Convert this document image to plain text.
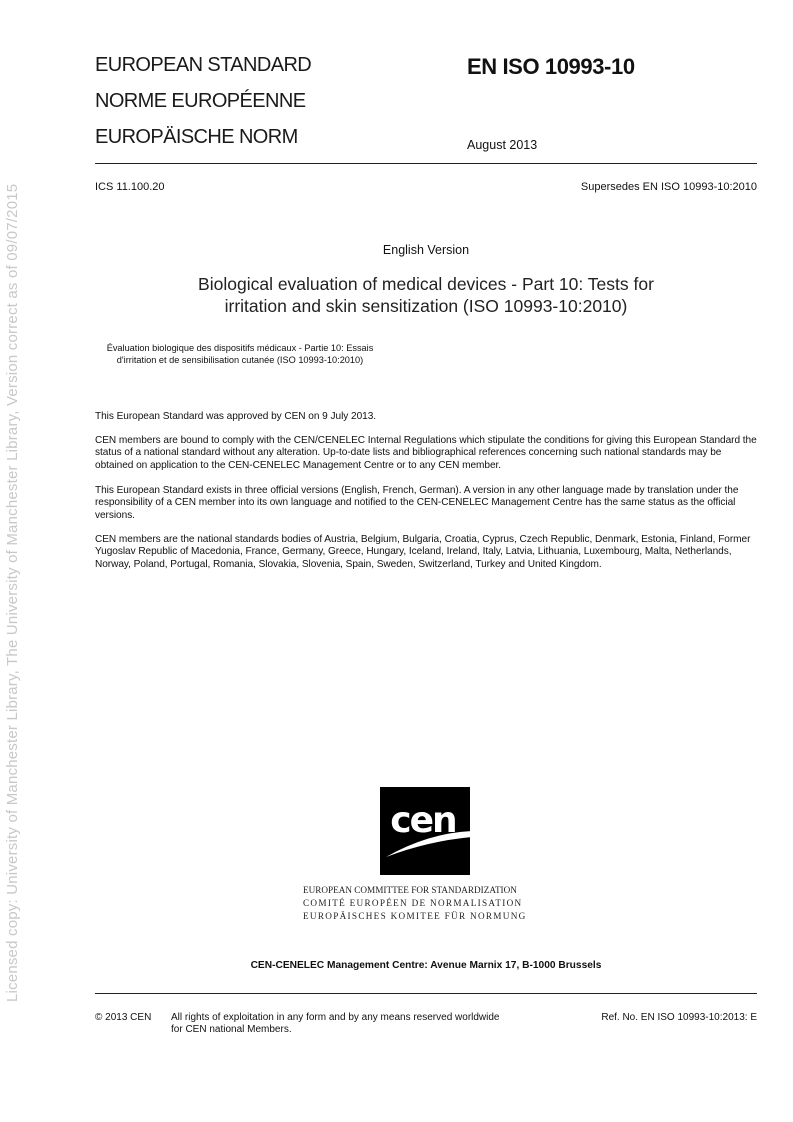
Licensed copy: University of Manchester Library, The University of Manchester Library, Version correct as of 09/07/2015
EUROPEAN STANDARD
NORME EUROPÉENNE
EUROPÄISCHE NORM
EN ISO 10993-10
August 2013
ICS 11.100.20	Supersedes EN ISO 10993-10:2010
English Version
Biological evaluation of medical devices - Part 10: Tests for
irritation and skin sensitization (ISO 10993-10:2010)
Évaluation biologique des dispositifs médicaux - Partie 10: Essais d'irritation et de sensibilisation cutanée (ISO 10993-10:2010)
This European Standard was approved by CEN on 9 July 2013.
CEN members are bound to comply with the CEN/CENELEC Internal Regulations which stipulate the conditions for giving this European Standard the status of a national standard without any alteration. Up-to-date lists and bibliographical references concerning such national standards may be obtained on application to the CEN-CENELEC Management Centre or to any CEN member.
This European Standard exists in three official versions (English, French, German). A version in any other language made by translation under the responsibility of a CEN member into its own language and notified to the CEN-CENELEC Management Centre has the same status as the official versions.
CEN members are the national standards bodies of Austria, Belgium, Bulgaria, Croatia, Cyprus, Czech Republic, Denmark, Estonia, Finland, Former Yugoslav Republic of Macedonia, France, Germany, Greece, Hungary, Iceland, Ireland, Italy, Latvia, Lithuania, Luxembourg, Malta, Netherlands, Norway, Poland, Portugal, Romania, Slovakia, Slovenia, Spain, Sweden, Switzerland, Turkey and United Kingdom.
cen
EUROPEAN COMMITTEE FOR STANDARDIZATION
COMITÉ EUROPÉEN DE NORMALISATION
EUROPÄISCHES KOMITEE FÜR NORMUNG
CEN-CENELEC Management Centre: Avenue Marnix 17, B-1000 Brussels
© 2013 CEN All rights of exploitation in any form and by any means reserved worldwide for CEN national Members.
Ref. No. EN ISO 10993-10:2013: E
